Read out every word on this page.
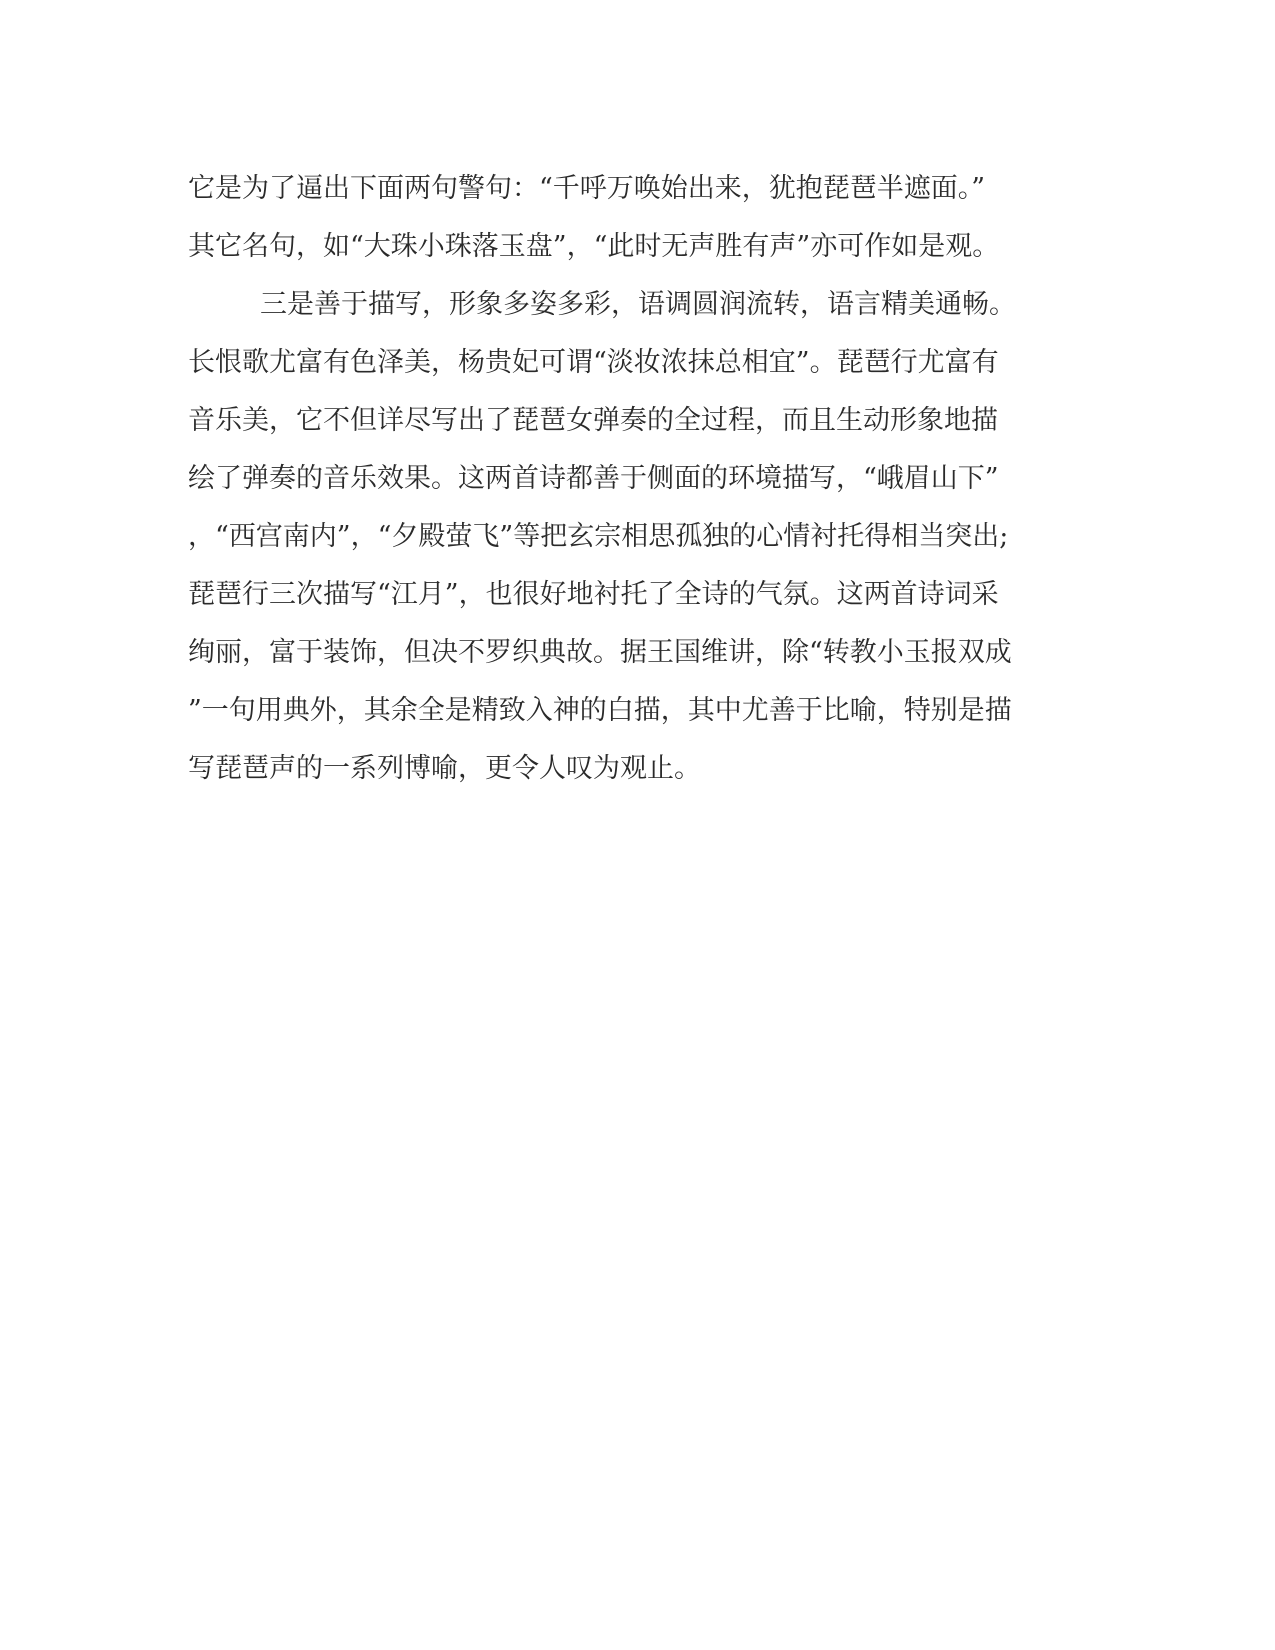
它是为了逼出下面两句警句：“千呼万唤始出来，犹抱琵琶半遮面。”
其它名句，如“大珠小珠落玉盘”，“此时无声胜有声”亦可作如是观。
三是善于描写，形象多姿多彩，语调圆润流转，语言精美通畅。
长恨歌尤富有色泽美，杨贵妃可谓“淡妆浓抹总相宜”。琵琶行尤富有
音乐美，它不但详尽写出了琵琶女弹奏的全过程，而且生动形象地描
绘了弹奏的音乐效果。这两首诗都善于侧面的环境描写，“峨眉山下”
，“西宫南内”，“夕殿萤飞”等把玄宗相思孤独的心情衬托得相当突出;
琵琶行三次描写“江月”，也很好地衬托了全诗的气氛。这两首诗词采
绚丽，富于装饰，但决不罗织典故。据王国维讲，除“转教小玉报双成
”一句用典外，其余全是精致入神的白描，其中尤善于比喻，特别是描
写琵琶声的一系列博喻，更令人叹为观止。
